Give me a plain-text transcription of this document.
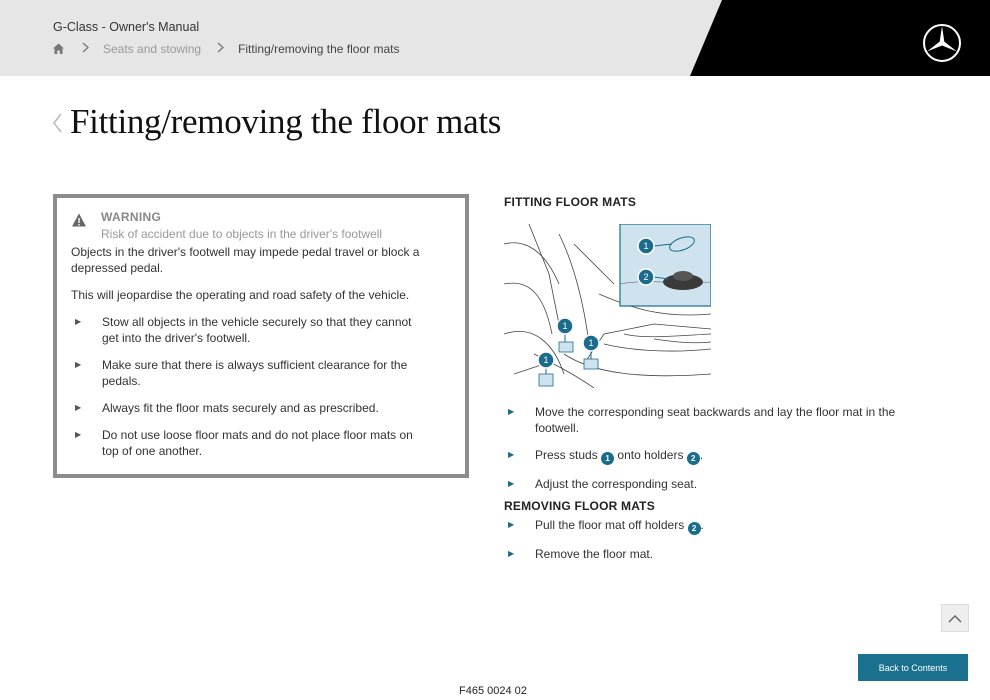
G-Class - Owner's Manual
Seats and stowing	Fitting/removing the floor mats
Fitting/removing the floor mats
WARNING
Risk of accident due to objects in the driver's footwell

Objects in the driver's footwell may impede pedal travel or block a depressed pedal.

This will jeopardise the operating and road safety of the vehicle.

▶	Stow all objects in the vehicle securely so that they cannot get into the driver's footwell.
▶	Make sure that there is always sufficient clearance for the pedals.
▶	Always fit the floor mats securely and as prescribed.
▶	Do not use loose floor mats and do not place floor mats on top of one another.
FITTING FLOOR MATS
1
2
1
1
1
▶	Move the corresponding seat backwards and lay the floor mat in the footwell.
▶	Press studs 1 onto holders 2 .
▶	Adjust the corresponding seat.
REMOVING FLOOR MATS
▶	Pull the floor mat off holders 2 .
▶	Remove the floor mat.
Back to Contents
F465 0024 02
